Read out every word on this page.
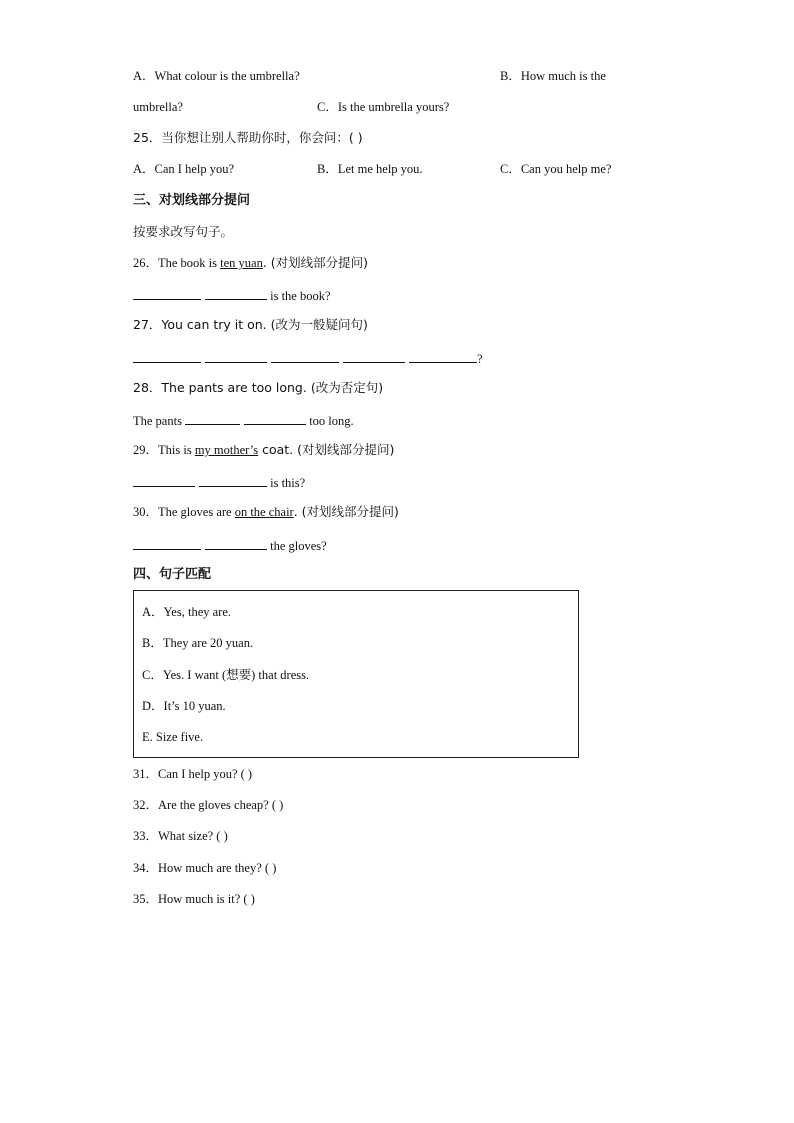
A．What colour is the umbrella?	B．How much is the
umbrella?	C．Is the umbrella yours?
25．当你想让别人帮助你时，你会问：( )
A．Can I help you?	B．Let me help you.	C．Can you help me?
三、对划线部分提问
按要求改写句子。
26．The book is ten yuan. (对划线部分提问)
is the book?
27．You can try it on. (改为一般疑问句)
?
28．The pants are too long. (改为否定句)
The pants	too long.
29．This is my mother’s coat. (对划线部分提问)
is this?
30．The gloves are on the chair. (对划线部分提问)
the gloves?
四、句子匹配
A．Yes, they are.
B．They are 20 yuan.
C．Yes. I want (想要) that dress.
D．It’s 10 yuan.
E. Size five.
31．Can I help you? ( )
32．Are the gloves cheap? ( )
33．What size? ( )
34．How much are they? ( )
35．How much is it? ( )
